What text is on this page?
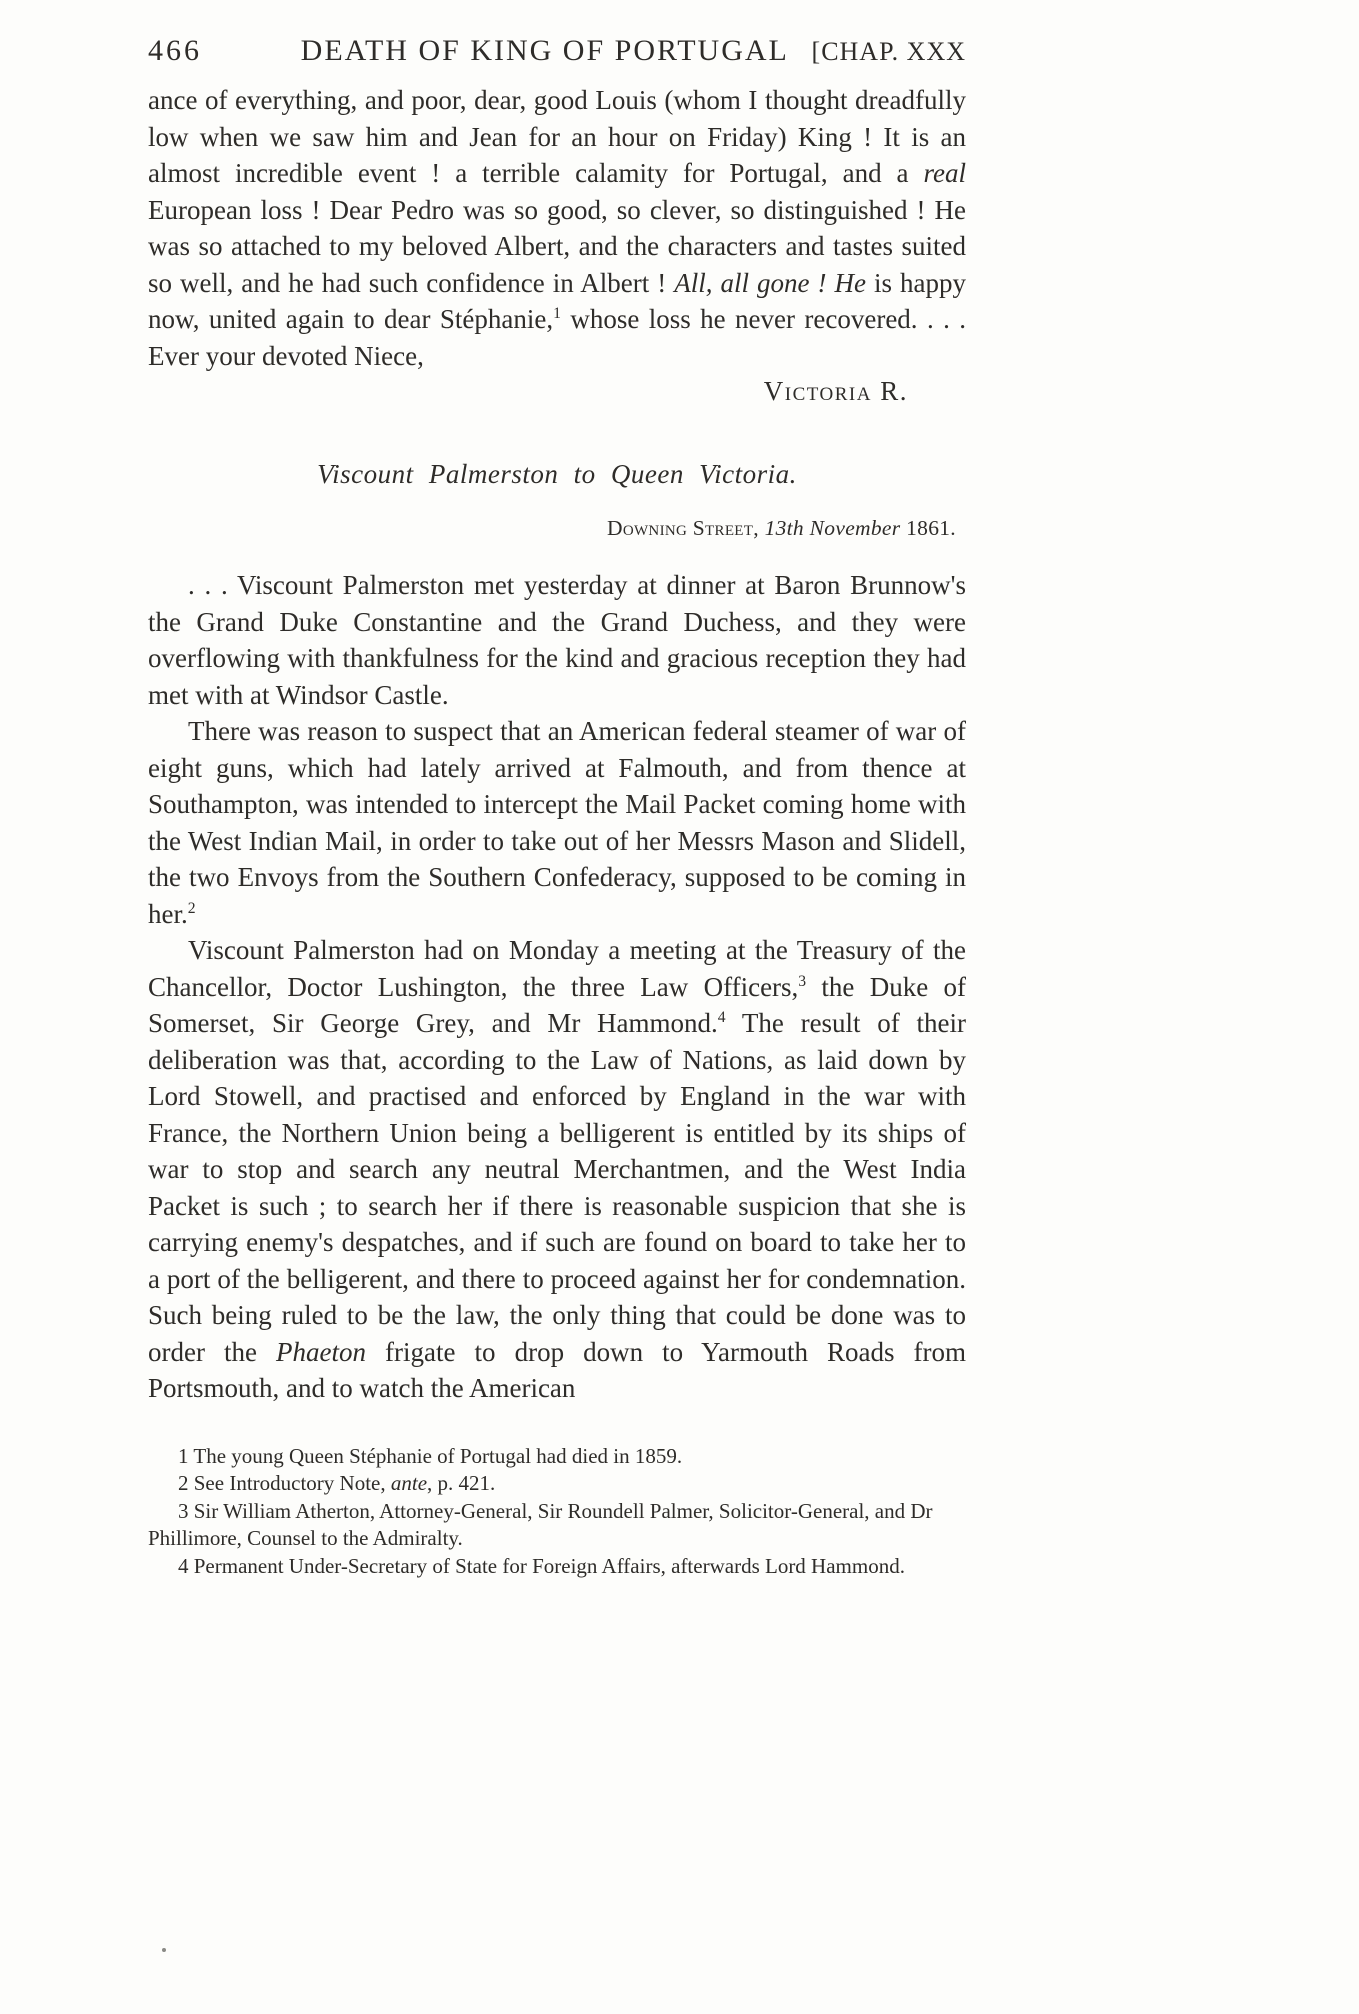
466	DEATH OF KING OF PORTUGAL [CHAP. XXX

ance of everything, and poor, dear, good Louis (whom I thought dreadfully low when we saw him and Jean for an hour on Friday) King ! It is an almost incredible event ! a terrible calamity for Portugal, and a real European loss ! Dear Pedro was so good, so clever, so distinguished ! He was so attached to my beloved Albert, and the characters and tastes suited so well, and he had such confidence in Albert ! All, all gone ! He is happy now, united again to dear Stéphanie,$^1$ whose loss he never recovered. . . . Ever your devoted Niece,

Victoria R.

Viscount Palmerston to Queen Victoria.

Downing Street, 13th November 1861.

. . . Viscount Palmerston met yesterday at dinner at Baron Brunnow's the Grand Duke Constantine and the Grand Duchess, and they were overflowing with thankfulness for the kind and gracious reception they had met with at Windsor Castle.

There was reason to suspect that an American federal steamer of war of eight guns, which had lately arrived at Falmouth, and from thence at Southampton, was intended to intercept the Mail Packet coming home with the West Indian Mail, in order to take out of her Messrs Mason and Slidell, the two Envoys from the Southern Confederacy, supposed to be coming in her.$^2$

Viscount Palmerston had on Monday a meeting at the Treasury of the Chancellor, Doctor Lushington, the three Law Officers,$^3$ the Duke of Somerset, Sir George Grey, and Mr Hammond.$^4$ The result of their deliberation was that, according to the Law of Nations, as laid down by Lord Stowell, and practised and enforced by England in the war with France, the Northern Union being a belligerent is entitled by its ships of war to stop and search any neutral Merchantmen, and the West India Packet is such ; to search her if there is reasonable suspicion that she is carrying enemy's despatches, and if such are found on board to take her to a port of the belligerent, and there to proceed against her for condemnation. Such being ruled to be the law, the only thing that could be done was to order the Phaeton frigate to drop down to Yarmouth Roads from Portsmouth, and to watch the American

1 The young Queen Stéphanie of Portugal had died in 1859.

2 See Introductory Note, ante, p. 421.

3 Sir William Atherton, Attorney-General, Sir Roundell Palmer, Solicitor-General, and Dr Phillimore, Counsel to the Admiralty.

4 Permanent Under-Secretary of State for Foreign Affairs, afterwards Lord Hammond.
